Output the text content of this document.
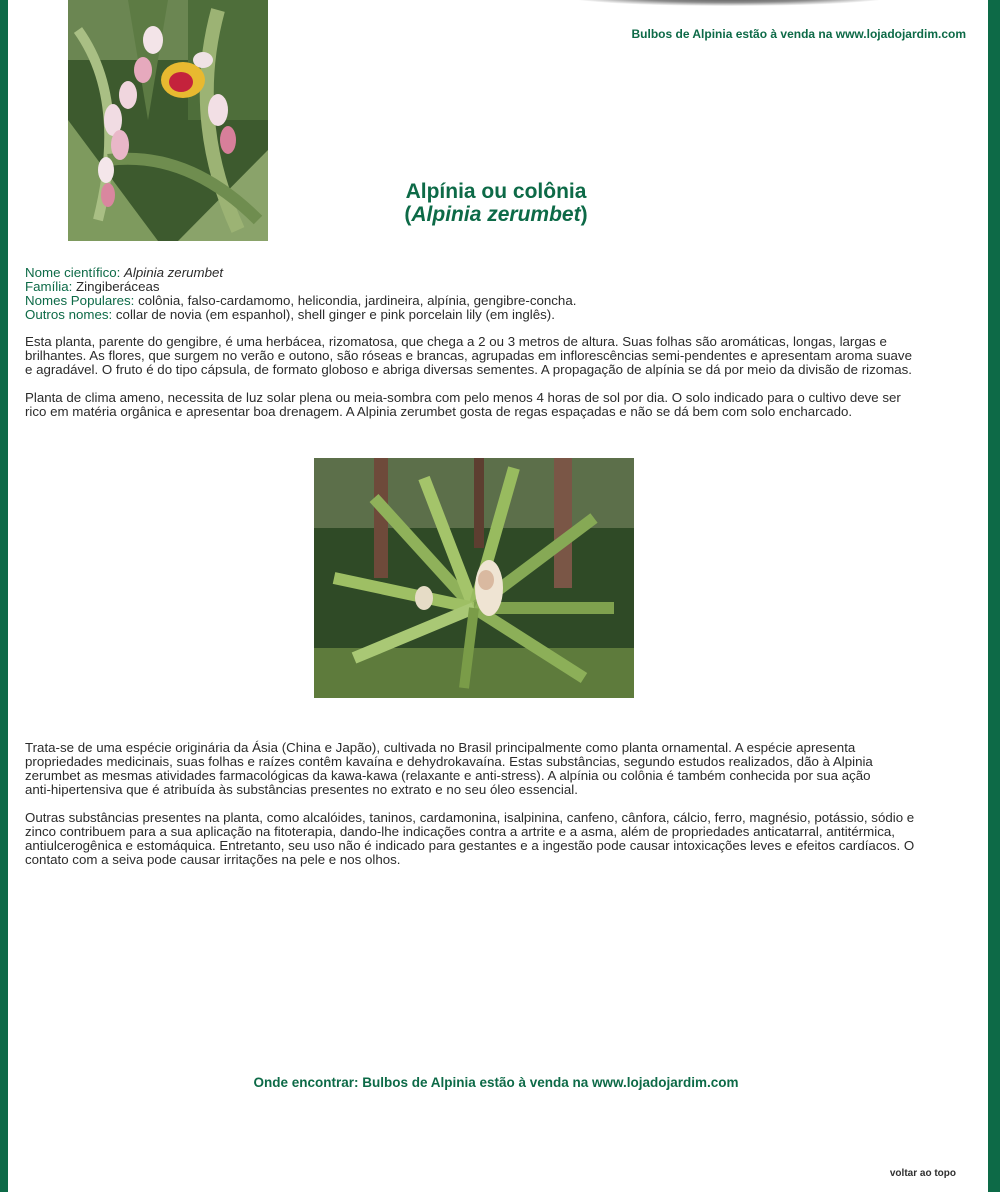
Bulbos de Alpinia estão à venda na www.lojadojardim.com
Alpínia ou colônia
(Alpinia zerumbet)
Nome científico: Alpinia zerumbet
Família: Zingiberáceas
Nomes Populares: colônia, falso-cardamomo, helicondia, jardineira, alpínia, gengibre-concha.
Outros nomes: collar de novia (em espanhol), shell ginger e pink porcelain lily (em inglês).
Esta planta, parente do gengibre, é uma herbácea, rizomatosa, que chega a 2 ou 3 metros de altura. Suas folhas são aromáticas, longas, largas e
brilhantes. As flores, que surgem no verão e outono, são róseas e brancas, agrupadas em inflorescências semi-pendentes e apresentam aroma suave
e agradável. O fruto é do tipo cápsula, de formato globoso e abriga diversas sementes. A propagação de alpínia se dá por meio da divisão de rizomas.
Planta de clima ameno, necessita de luz solar plena ou meia-sombra com pelo menos 4 horas de sol por dia. O solo indicado para o cultivo deve ser
rico em matéria orgânica e apresentar boa drenagem. A Alpinia zerumbet gosta de regas espaçadas e não se dá bem com solo encharcado.
Trata-se de uma espécie originária da Ásia (China e Japão), cultivada no Brasil principalmente como planta ornamental. A espécie apresenta
propriedades medicinais, suas folhas e raízes contêm kavaína e dehydrokavaína. Estas substâncias, segundo estudos realizados, dão à Alpinia
zerumbet as mesmas atividades farmacológicas da kawa-kawa (relaxante e anti-stress). A alpínia ou colônia é também conhecida por sua ação
anti-hipertensiva que é atribuída às substâncias presentes no extrato e no seu óleo essencial.
Outras substâncias presentes na planta, como alcalóides, taninos, cardamonina, isalpinina, canfeno, cânfora, cálcio, ferro, magnésio, potássio, sódio e
zinco contribuem para a sua aplicação na fitoterapia, dando-lhe indicações contra a artrite e a asma, além de propriedades anticatarral, antitérmica,
antiulcerogênica e estomáquica. Entretanto, seu uso não é indicado para gestantes e a ingestão pode causar intoxicações leves e efeitos cardíacos. O
contato com a seiva pode causar irritações na pele e nos olhos.
Onde encontrar: Bulbos de Alpinia estão à venda na www.lojadojardim.com
voltar ao topo
